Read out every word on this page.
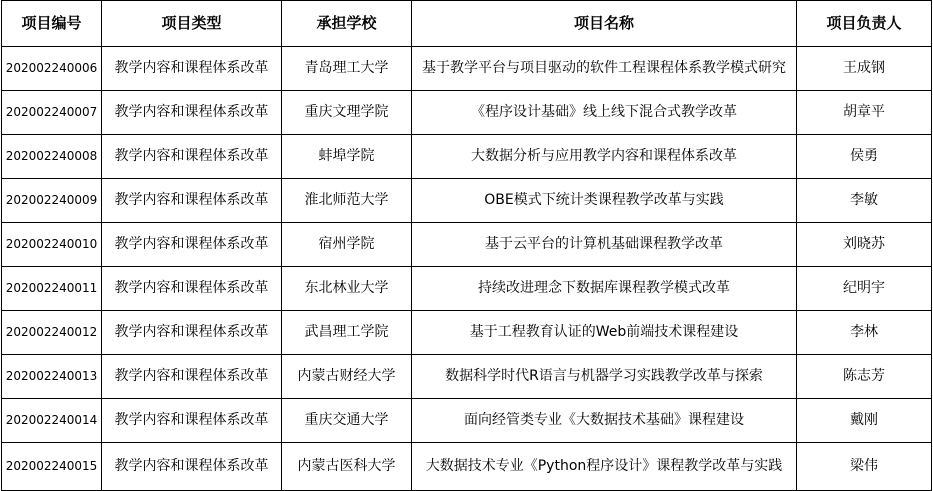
项目编号	项目类型	承担学校	项目名称	项目负责人
202002240006	教学内容和课程体系改革	青岛理工大学	基于教学平台与项目驱动的软件工程课程体系教学模式研究	王成钢
202002240007	教学内容和课程体系改革	重庆文理学院	《程序设计基础》线上线下混合式教学改革	胡章平
202002240008	教学内容和课程体系改革	蚌埠学院	大数据分析与应用教学内容和课程体系改革	侯勇
202002240009	教学内容和课程体系改革	淮北师范大学	OBE模式下统计类课程教学改革与实践	李敏
202002240010	教学内容和课程体系改革	宿州学院	基于云平台的计算机基础课程教学改革	刘晓苏
202002240011	教学内容和课程体系改革	东北林业大学	持续改进理念下数据库课程教学模式改革	纪明宇
202002240012	教学内容和课程体系改革	武昌理工学院	基于工程教育认证的Web前端技术课程建设	李林
202002240013	教学内容和课程体系改革	内蒙古财经大学	数据科学时代R语言与机器学习实践教学改革与探索	陈志芳
202002240014	教学内容和课程体系改革	重庆交通大学	面向经管类专业《大数据技术基础》课程建设	戴刚
202002240015	教学内容和课程体系改革	内蒙古医科大学	大数据技术专业《Python程序设计》课程教学改革与实践	梁伟
